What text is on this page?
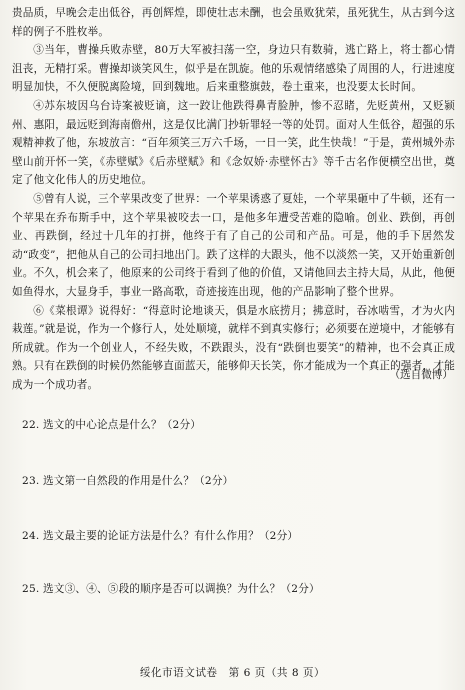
贵品质，早晚会走出低谷，再创辉煌，即使壮志未酬，也会虽败犹荣，虽死犹生，从古到今这样的例子不胜枚举。

③当年，曹操兵败赤壁，80万大军被扫荡一空，身边只有数骑，逃亡路上，将士都心情沮丧，无精打采。曹操却谈笑风生，似乎是在凯旋。他的乐观情绪感染了周围的人，行进速度明显加快，不久便脱离险境，回到魏地。后来重整旗鼓，卷土重来，也没要太长时间。

④苏东坡因乌台诗案被贬谪，这一跤让他跌得鼻青脸肿，惨不忍睹，先贬黄州，又贬颍州、惠阳，最远贬到海南儋州，这是仅比满门抄斩罪轻一等的处罚。面对人生低谷，超强的乐观精神救了他，东坡放言：“百年须笑三万六千场，一日一笑，此生快哉！”于是，黄州城外赤壁山前开怀一笑，《赤壁赋》《后赤壁赋》和《念奴娇·赤壁怀古》等千古名作便横空出世，奠定了他文化伟人的历史地位。

⑤曾有人说，三个苹果改变了世界：一个苹果诱惑了夏娃，一个苹果砸中了牛顿，还有一个苹果在乔布斯手中，这个苹果被咬去一口，是他多年遭受苦难的隐喻。创业、跌倒，再创业、再跌倒，经过十几年的打拼，他终于有了自己的公司和产品。可是，他的手下居然发动“政变”，把他从自己的公司扫地出门。跌了这样的大跟头，他不以淡然一笑，又开始重新创业。不久，机会来了，他原来的公司终于看到了他的价值，又请他回去主持大局，从此，他便如鱼得水，大显身手，事业一路高歌，奇迹接连出现，他的产品影响了整个世界。

⑥《菜根谭》说得好：“得意时论地谈天，俱是水底捞月；拂意时，吞冰啮雪，才为火内栽莲。”就是说，作为一个修行人，处处顺境，就样不到真实修行；必须要在逆境中，才能够有所成就。作为一个创业人，不经失败，不跌跟头，没有“跌倒也要笑”的精神，也不会真正成熟。只有在跌倒的时候仍然能够直面蓝天，能够仰天长笑，你才能成为一个真正的强者，才能成为一个成功者。

（选自微博）
22. 选文的中心论点是什么？（2分）
23. 选文第一自然段的作用是什么？（2分）
24. 选文最主要的论证方法是什么？有什么作用？（2分）
25. 选文③、④、⑤段的顺序是否可以调换？为什么？（2分）
绥化市语文试卷　第 6 页（共 8 页）
